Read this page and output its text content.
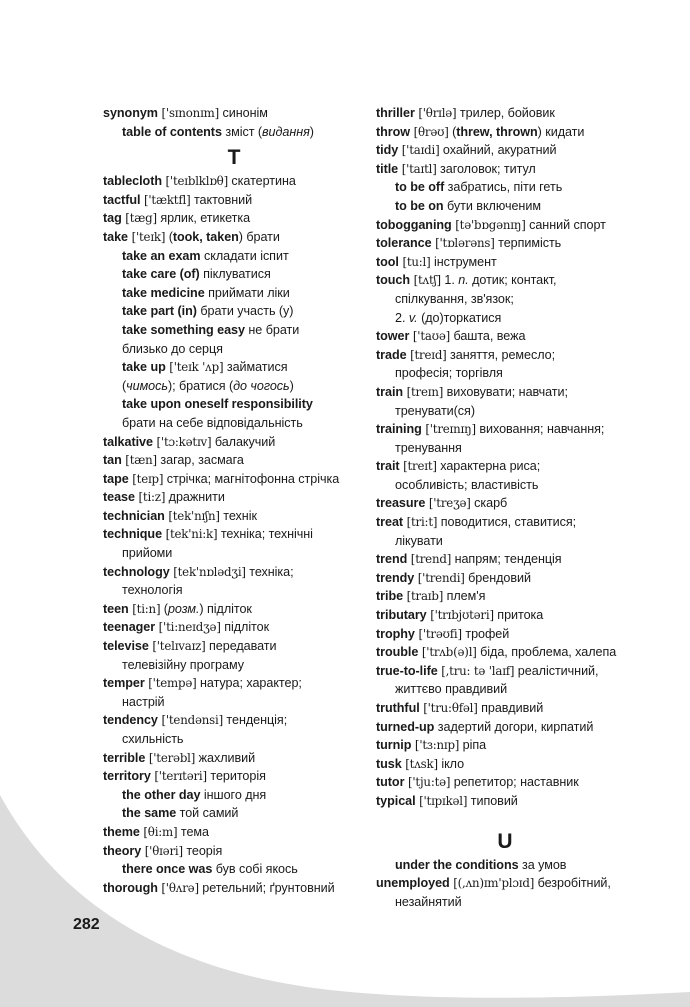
synonym ['sɪnonɪm] синонім
table of contents зміст (видання)
T
tablecloth ['teɪblklɒθ] скатертина
tactful ['tæktfl] тактовний
tag [tæg] ярлик, етикетка
take ['teɪk] (took, taken) брати
take an exam складати іспит
take care (of) піклуватися
take medicine приймати ліки
take part (in) брати участь (у)
take something easy не брати
близько до серця
take up ['teɪk 'ʌp] займатися
(чимось); братися (до чогось)
take upon oneself responsibility
брати на себе відповідальність
talkative ['tɔ:kətɪv] балакучий
tan [tæn] загар, засмага
tape [teɪp] стрічка; магнітофонна стрічка
tease [ti:z] дражнити
technician [tek'nɪʃn] технік
technique [tek'ni:k] техніка; технічні
прийоми
technology [tek'nɒlədʒi] техніка;
технологія
teen [ti:n] (розм.) підліток
teenager ['ti:neɪdʒə] підліток
televise ['telɪvaɪz] передавати
телевізійну програму
temper ['tempə] натура; характер;
настрій
tendency ['tendənsi] тенденція;
схильність
terrible ['terəbl] жахливий
territory ['terɪtəri] територія
the other day іншого дня
the same той самий
theme [θi:m] тема
theory ['θɪəri] теорія
there once was був собі якось
thorough ['θʌrə] ретельний; ґрунтовний
thriller ['θrɪlə] трилер, бойовик
throw [θrəʊ] (threw, thrown) кидати
tidy ['taɪdi] охайний, акуратний
title ['taɪtl] заголовок; титул
to be off забратись, піти геть
to be on бути включеним
tobogganing [tə'bɒgənɪŋ] санний спорт
tolerance ['tɒlərəns] терпимість
tool [tu:l] інструмент
touch [tʌtʃ] 1. n. дотик; контакт,
спілкування, зв'язок;
2. v. (до)торкатися
tower ['taʊə] башта, вежа
trade [treɪd] заняття, ремесло;
професія; торгівля
train [treɪn] виховувати; навчати;
тренувати(ся)
training ['treɪnɪŋ] виховання; навчання;
тренування
trait [treɪt] характерна риса;
особливість; властивість
treasure ['treʒə] скарб
treat [tri:t] поводитися, ставитися;
лікувати
trend [trend] напрям; тенденція
trendy ['trendi] брендовий
tribe [traɪb] плем'я
tributary ['trɪbjʊtəri] притока
trophy ['trəʊfi] трофей
trouble ['trʌb(ə)l] біда, проблема, халепа
true-to-life [,tru: tə 'laɪf] реалістичний,
життєво правдивий
truthful ['tru:θfəl] правдивий
turned-up задертий догори, кирпатий
turnip ['tɜ:nɪp] ріпа
tusk [tʌsk] ікло
tutor ['tju:tə] репетитор; наставник
typical ['tɪpɪkəl] типовий
U
under the conditions за умов
unemployed [(,ʌn)ɪm'plɔɪd] безробітний,
незайнятий
282
